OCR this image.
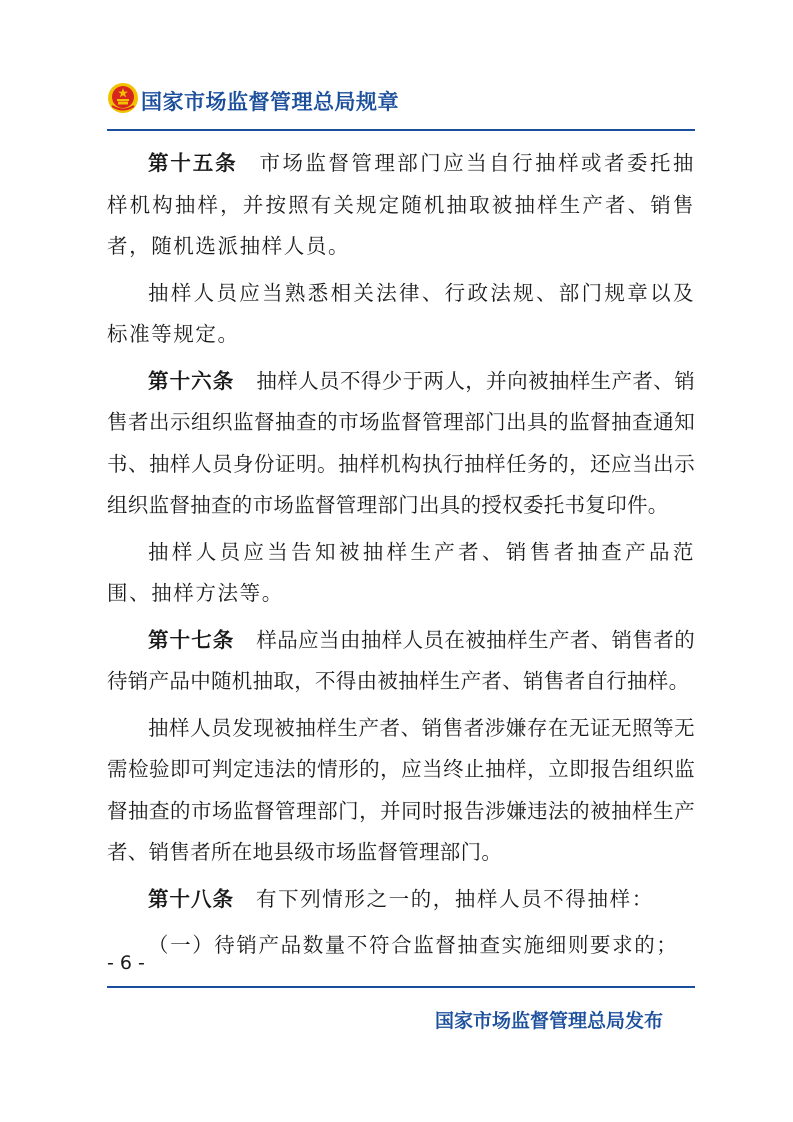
国家市场监督管理总局规章

第十五条 市场监督管理部门应当自行抽样或者委托抽样机构抽样，并按照有关规定随机抽取被抽样生产者、销售者，随机选派抽样人员。

抽样人员应当熟悉相关法律、行政法规、部门规章以及标准等规定。

第十六条 抽样人员不得少于两人，并向被抽样生产者、销售者出示组织监督抽查的市场监督管理部门出具的监督抽查通知书、抽样人员身份证明。抽样机构执行抽样任务的，还应当出示组织监督抽查的市场监督管理部门出具的授权委托书复印件。

抽样人员应当告知被抽样生产者、销售者抽查产品范围、抽样方法等。

第十七条 样品应当由抽样人员在被抽样生产者、销售者的待销产品中随机抽取，不得由被抽样生产者、销售者自行抽样。

抽样人员发现被抽样生产者、销售者涉嫌存在无证无照等无需检验即可判定违法的情形的，应当终止抽样，立即报告组织监督抽查的市场监督管理部门，并同时报告涉嫌违法的被抽样生产者、销售者所在地县级市场监督管理部门。

第十八条 有下列情形之一的，抽样人员不得抽样：

（一）待销产品数量不符合监督抽查实施细则要求的；

- 6 -
国家市场监督管理总局发布
